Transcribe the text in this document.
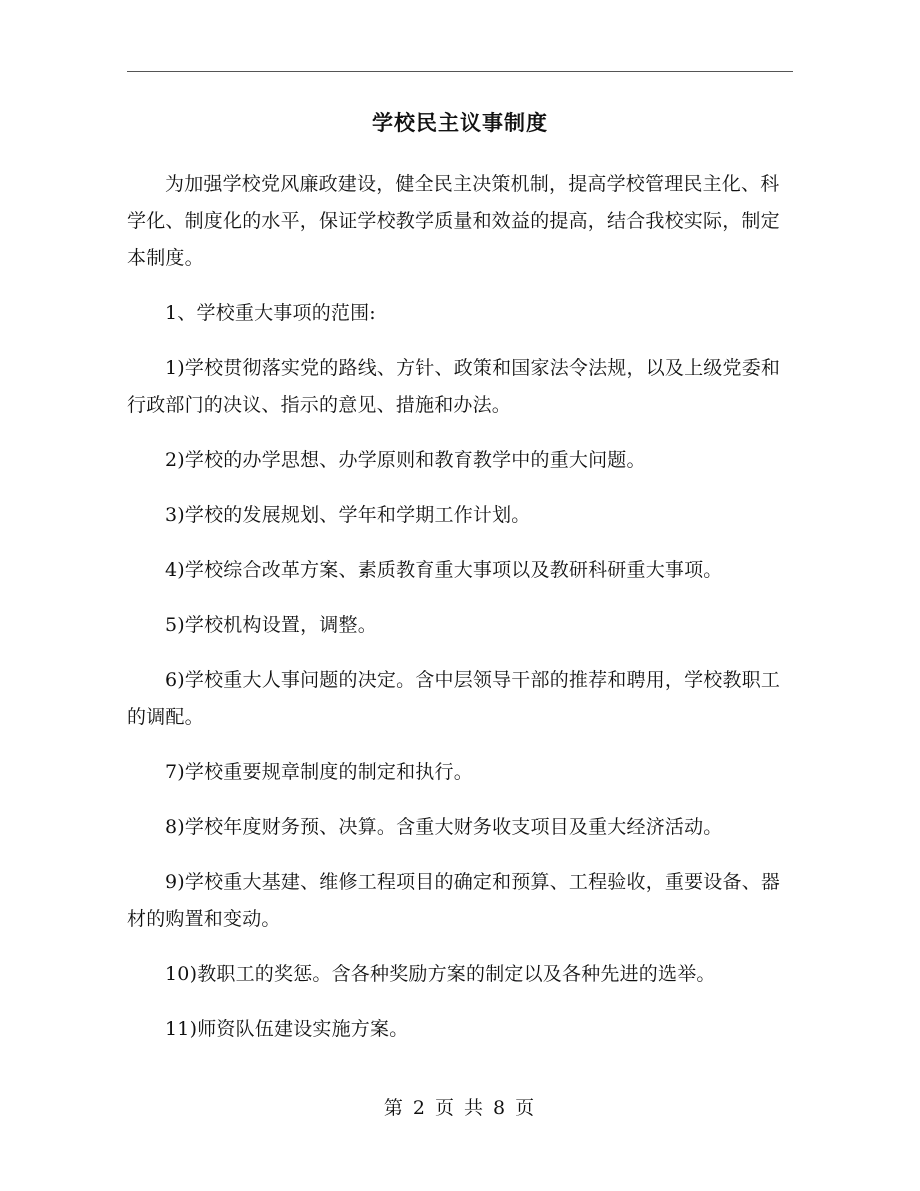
学校民主议事制度

为加强学校党风廉政建设，健全民主决策机制，提高学校管理民主化、科学化、制度化的水平，保证学校教学质量和效益的提高，结合我校实际，制定本制度。

1、学校重大事项的范围:

1)学校贯彻落实党的路线、方针、政策和国家法令法规，以及上级党委和行政部门的决议、指示的意见、措施和办法。

2)学校的办学思想、办学原则和教育教学中的重大问题。

3)学校的发展规划、学年和学期工作计划。

4)学校综合改革方案、素质教育重大事项以及教研科研重大事项。

5)学校机构设置，调整。

6)学校重大人事问题的决定。含中层领导干部的推荐和聘用，学校教职工的调配。

7)学校重要规章制度的制定和执行。

8)学校年度财务预、决算。含重大财务收支项目及重大经济活动。

9)学校重大基建、维修工程项目的确定和预算、工程验收，重要设备、器材的购置和变动。

10)教职工的奖惩。含各种奖励方案的制定以及各种先进的选举。

11)师资队伍建设实施方案。

第 2 页 共 8 页
